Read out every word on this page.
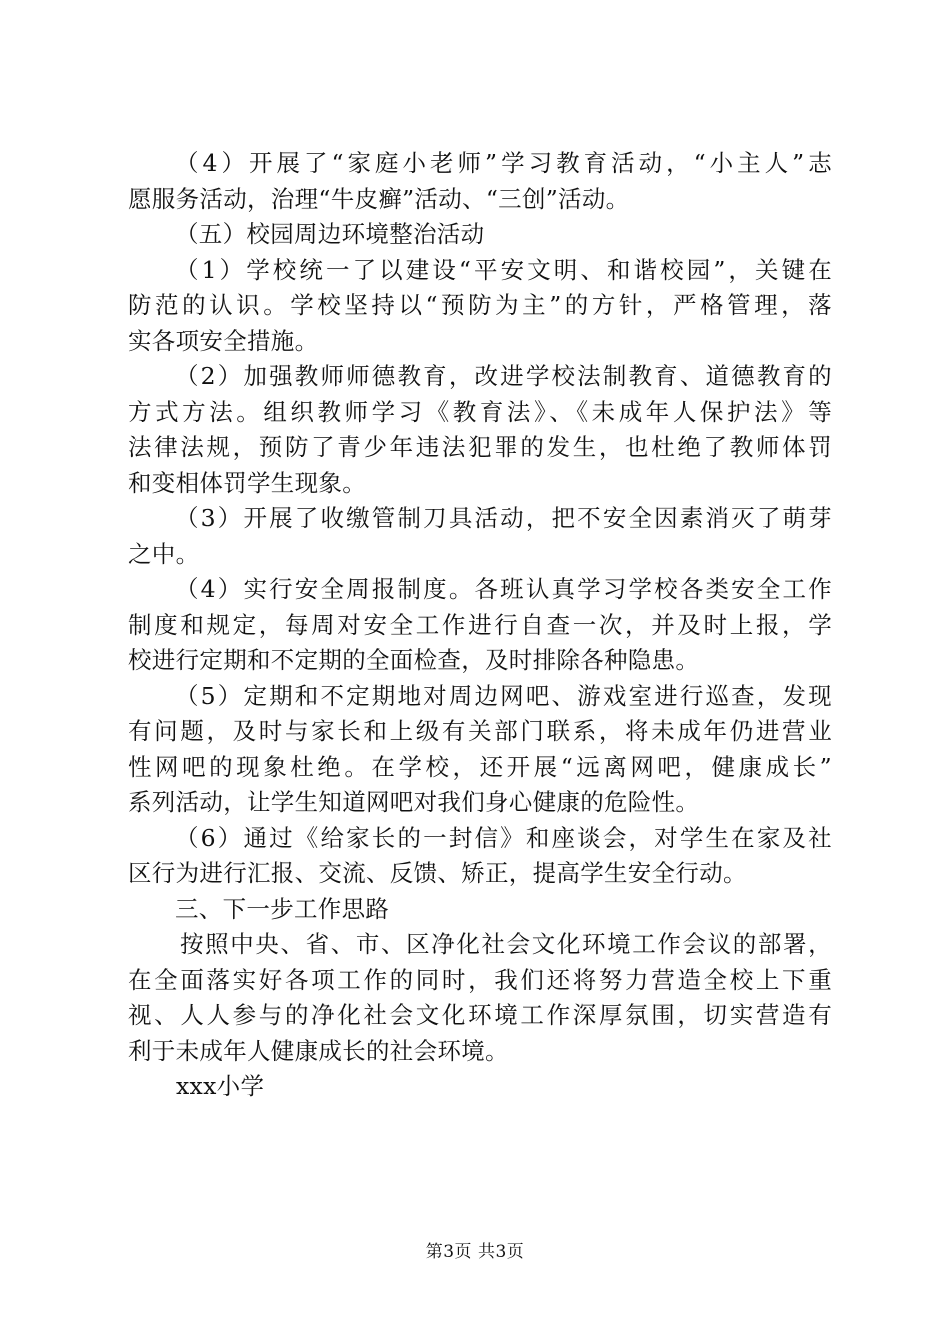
（4）开展了“家庭小老师”学习教育活动，“小主人”志
愿服务活动，治理“牛皮癣”活动、“三创”活动。
（五）校园周边环境整治活动
（1）学校统一了以建设“平安文明、和谐校园”，关键在
防范的认识。学校坚持以“预防为主”的方针，严格管理，落
实各项安全措施。
（2）加强教师师德教育，改进学校法制教育、道德教育的
方式方法。组织教师学习《教育法》、《未成年人保护法》等
法律法规，预防了青少年违法犯罪的发生，也杜绝了教师体罚
和变相体罚学生现象。
（3）开展了收缴管制刀具活动，把不安全因素消灭了萌芽
之中。
（4）实行安全周报制度。各班认真学习学校各类安全工作
制度和规定，每周对安全工作进行自查一次，并及时上报，学
校进行定期和不定期的全面检查，及时排除各种隐患。
（5）定期和不定期地对周边网吧、游戏室进行巡查，发现
有问题，及时与家长和上级有关部门联系，将未成年仍进营业
性网吧的现象杜绝。在学校，还开展“远离网吧，健康成长”
系列活动，让学生知道网吧对我们身心健康的危险性。
（6）通过《给家长的一封信》和座谈会，对学生在家及社
区行为进行汇报、交流、反馈、矫正，提高学生安全行动。
三、下一步工作思路
按照中央、省、市、区净化社会文化环境工作会议的部署，
在全面落实好各项工作的同时，我们还将努力营造全校上下重
视、人人参与的净化社会文化环境工作深厚氛围，切实营造有
利于未成年人健康成长的社会环境。
xxx小学
第3页 共3页
